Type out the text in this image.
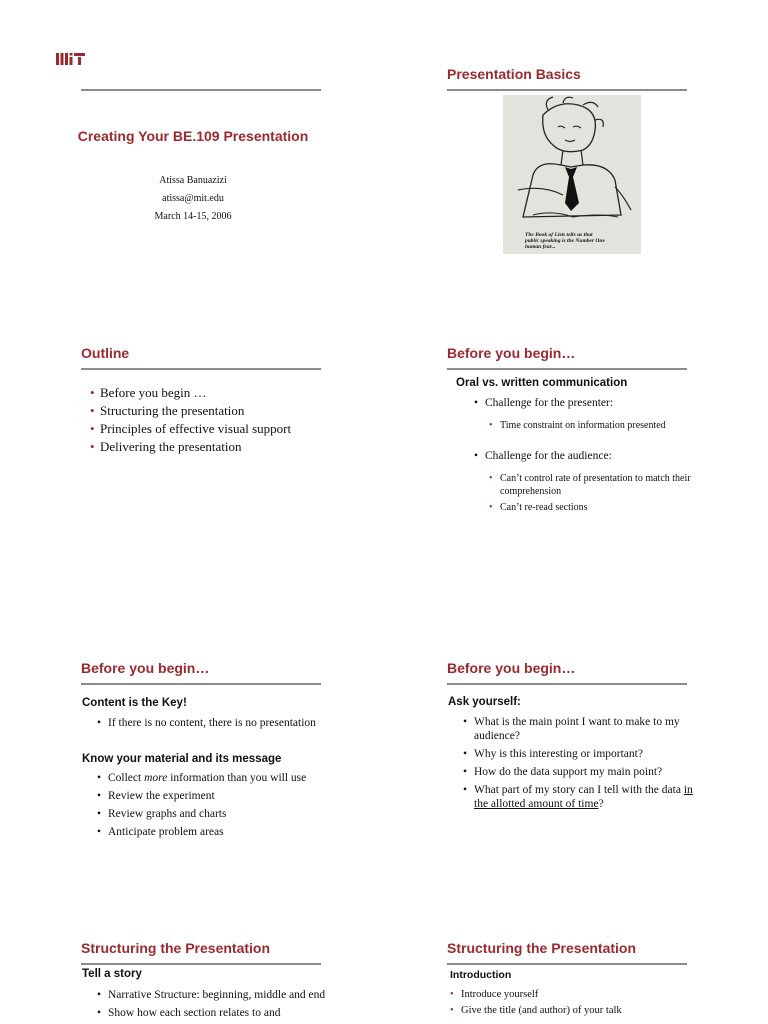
Creating Your BE.109 Presentation
Atissa Banuazizi
atissa@mit.edu
March 14-15, 2006
Presentation Basics
The Book of Lists tells us that
public speaking is the Number One
human fear...
Outline
• Before you begin …
• Structuring the presentation
• Principles of effective visual support
• Delivering the presentation
Before you begin…
Oral vs. written communication
• Challenge for the presenter:
• Time constraint on information presented
• Challenge for the audience:
• Can’t control rate of presentation to match their comprehension
• Can’t re-read sections
Before you begin…
Content is the Key!
• If there is no content, there is no presentation
Know your material and its message
• Collect more information than you will use
• Review the experiment
• Review graphs and charts
• Anticipate problem areas
Before you begin…
Ask yourself:
• What is the main point I want to make to my audience?
• Why is this interesting or important?
• How do the data support my main point?
• What part of my story can I tell with the data in the allotted amount of time?
Structuring the Presentation
Tell a story
• Narrative Structure: beginning, middle and end
• Show how each section relates to and
Structuring the Presentation
Introduction
• Introduce yourself
• Give the title (and author) of your talk
